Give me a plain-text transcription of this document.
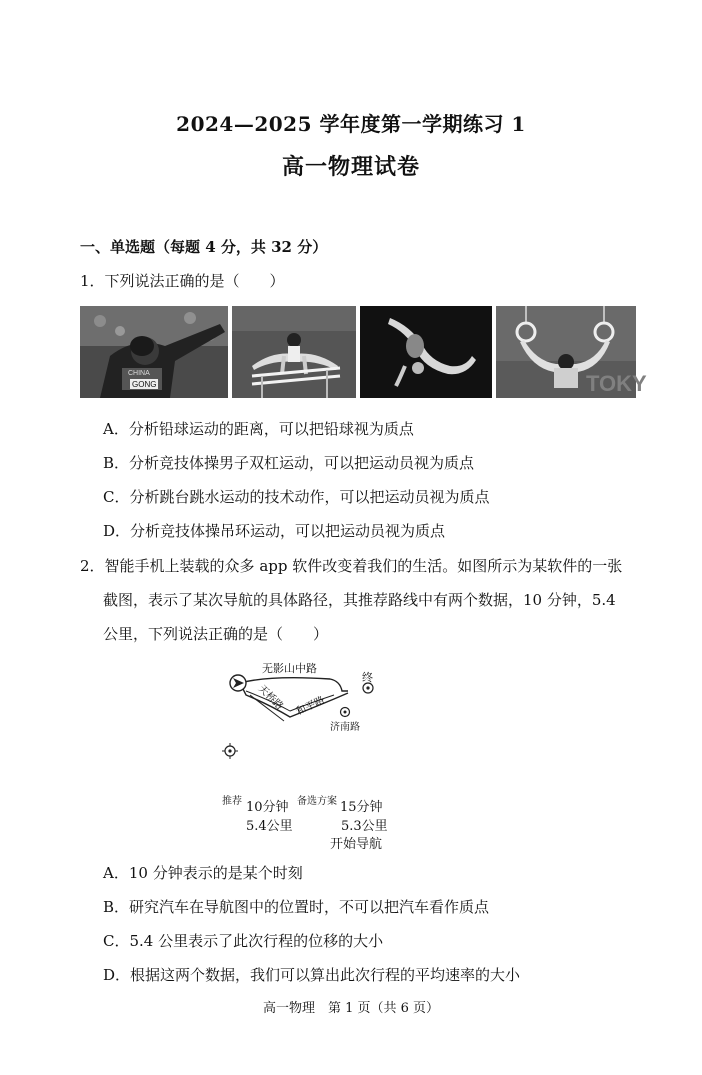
2024—2025 学年度第一学期练习 1
高一物理试卷
一、单选题（每题 4 分，共 32 分）
1．下列说法正确的是（　　）
CHINA
GONG	TOKY
A．分析铅球运动的距离，可以把铅球视为质点
B．分析竞技体操男子双杠运动，可以把运动员视为质点
C．分析跳台跳水运动的技术动作，可以把运动员视为质点
D．分析竞技体操吊环运动，可以把运动员视为质点
2．智能手机上装载的众多 app 软件改变着我们的生活。如图所示为某软件的一张
截图，表示了某次导航的具体路径，其推荐路线中有两个数据，10 分钟，5.4
公里，下列说法正确的是（　　）
无影山中路
天桥路 和平路
终
济南路
推荐 10分钟
5.4公里
备选方案 15分钟
5.3公里
开始导航
A．10 分钟表示的是某个时刻
B．研究汽车在导航图中的位置时，不可以把汽车看作质点
C．5.4 公里表示了此次行程的位移的大小
D．根据这两个数据，我们可以算出此次行程的平均速率的大小
高一物理　第 1 页（共 6 页）
